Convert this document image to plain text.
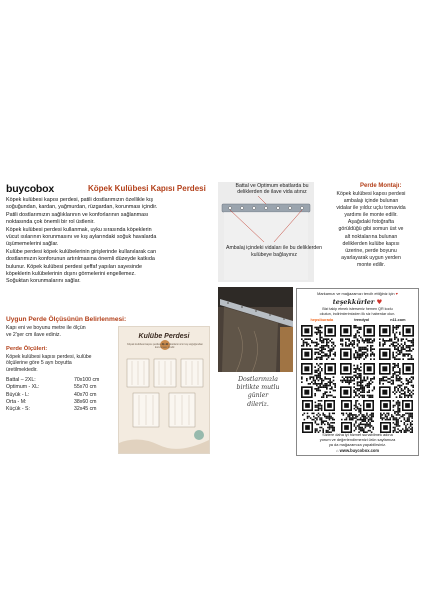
buycobox	Köpek Kulübesi Kapısı Perdesi

Köpek kulübesi kapısı perdesi, patili dostlarımızın özellikle kış

soğuğundan, kardan, yağmurdan, rüzgardan, korunması içindir.

Patili dostlarımızın sağlıklarının ve konforlarının sağlanması

noktasında çok önemli bir rol üstlenir.

Köpek kulübesi perdesi kullanmak, uyku sırasında köpeklerin

vücut ısılarının korunmasını ve kış aylarındaki soğuk havalarda

üşümemelerini sağlar.

Kulübe perdesi köpek kulübelerinin girişlerinde kullanılarak can

dostlarımızın konforunun artırılmasına önemli düzeyde katkıda

bulunur. Köpek kulübesi perdesi şeffaf yapıları sayesinde

köpeklerin kulübelerinin dışını görmelerini engellemez.

Soğuktan korunmalarını sağlar.

Uygun Perde Ölçüsünün Belirlenmesi:
Kapı eni ve boyunu metre ile ölçün
ve 2'şer cm ilave ediniz.
Perde Ölçüleri:
Köpek kulübesi kapısı perdesi, kulübe
ölçülerine göre 5 ayrı boyutta
üretilmektedir.
Battal – 2XL:	70x100 cm
Optimum - XL:	55x70 cm
Büyük - L:	40x70 cm
Orta - M:	38x60 cm
Küçük - S:	32x45 cm
Kulübe Perdesi
Köpek kulübesi kapısı perdesi, patili dostlarımızın kış soğuğundan korunması içindir.
Battal ve Optimum ebatlarda bu deliklerden de ilave vida atınız
Ambalaj içindeki vidaları ile bu deliklerden kulübeye bağlayınız
Perde Montajı:
Köpek kulübesi kapısı perdesi
ambalajı içinde bulunan
vidalar ile yıldız uçlu tornavida
yardımı ile monte edilir.
Aşağıdaki fotoğrafta
görüldüğü gibi somun üst ve
alt noktalarına bulunan
deliklerden kulübe kapısı
üzerine, perde boyunu
ayarlayarak uygun yerden
monte edilir.
Dostlarınızla
birlikte mutlu
günler
dileriz.
Markamızı ve mağazamızı tercih ettiğiniz için ♥
teşekkürler ♥
Bizi takip etmek isterseniz hemen QR kodu
okutun, indirimlerimizden ilk siz haberdar olun.
hepsiburada	trendyol	n11.com
Sizlere daha iyi hizmet sunabilmek adına
yorum ve değerlendirmenizi ürün sayfamıza
ya da mağazamıza yapabilirsiniz.
⌂ www.buycobox.com
